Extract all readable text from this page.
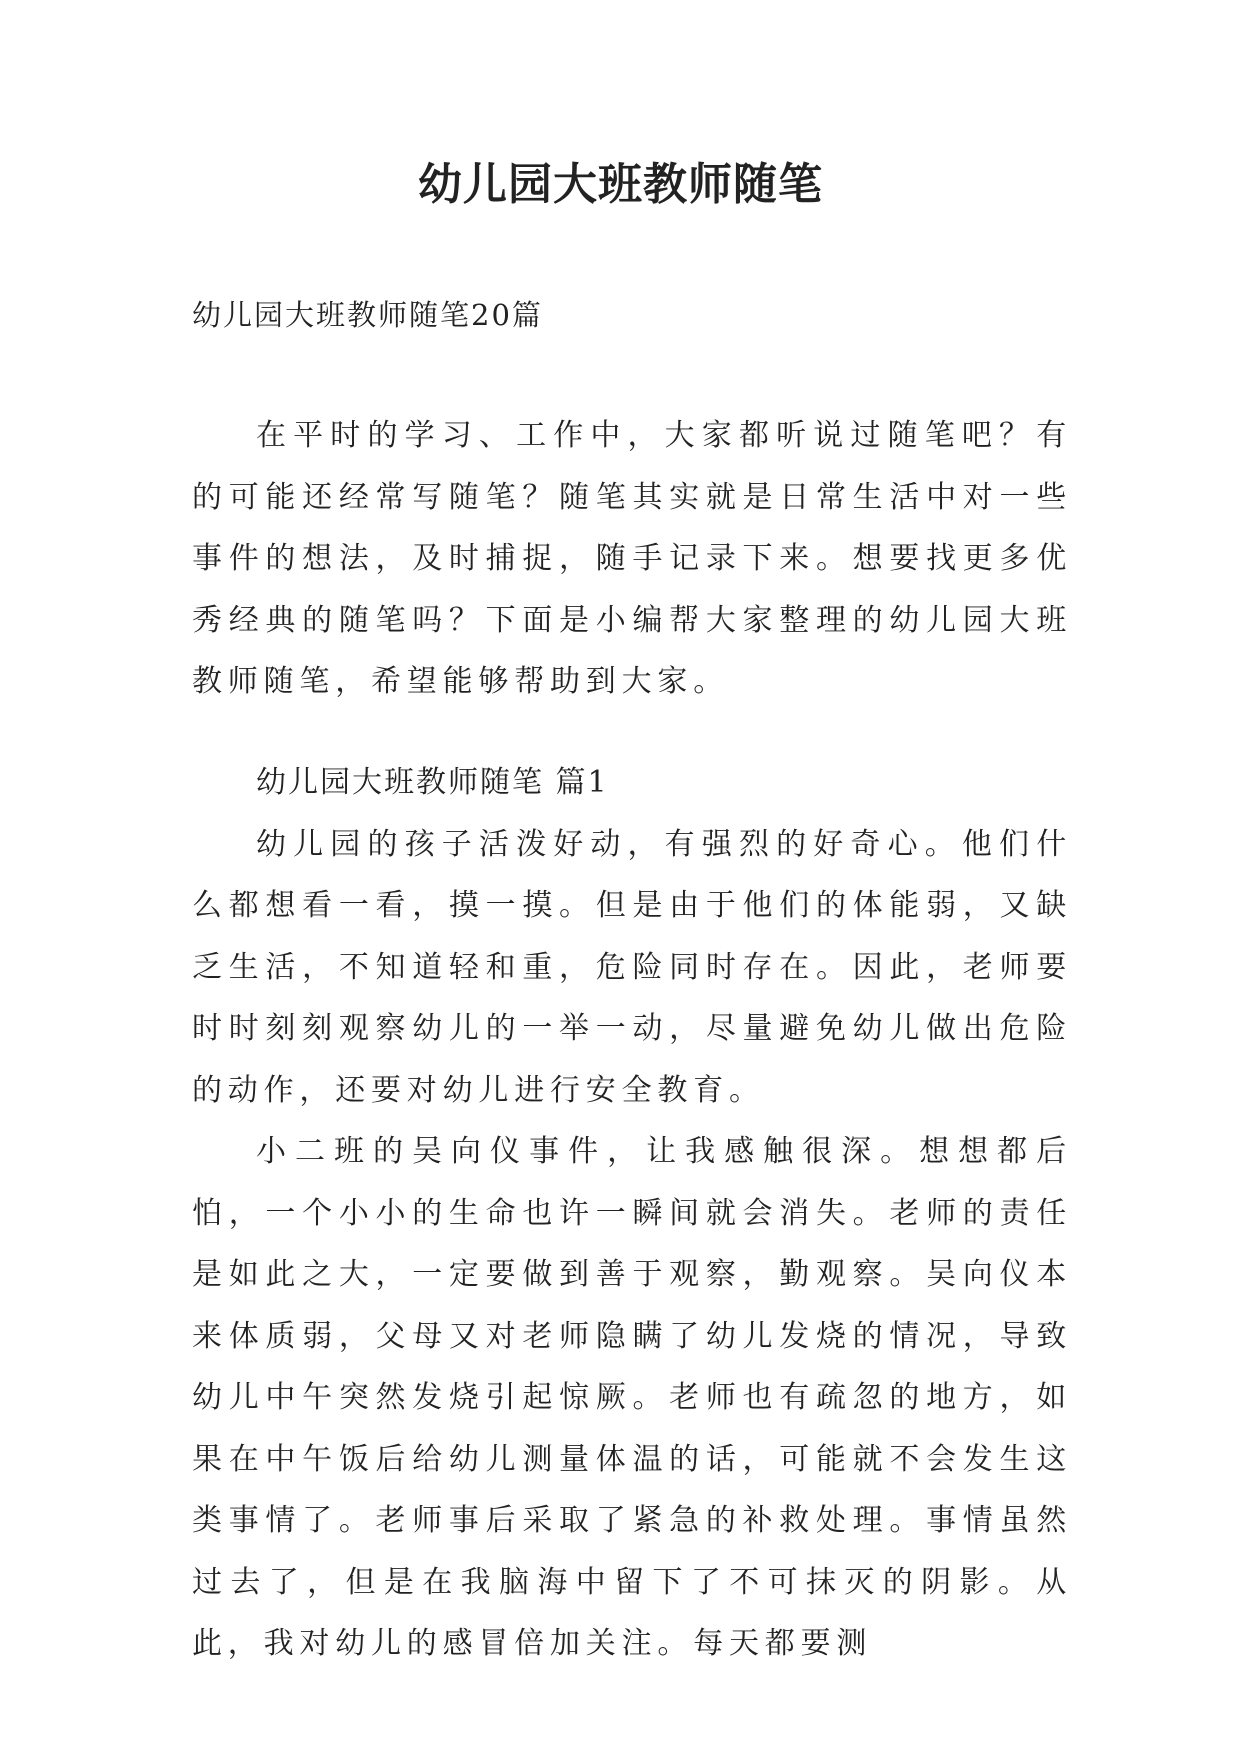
幼儿园大班教师随笔

幼儿园大班教师随笔20篇

在平时的学习、工作中，大家都听说过随笔吧？有的可能还经常写随笔？随笔其实就是日常生活中对一些事件的想法，及时捕捉，随手记录下来。想要找更多优秀经典的随笔吗？下面是小编帮大家整理的幼儿园大班教师随笔，希望能够帮助到大家。

幼儿园大班教师随笔 篇1

幼儿园的孩子活泼好动，有强烈的好奇心。他们什么都想看一看，摸一摸。但是由于他们的体能弱，又缺乏生活，不知道轻和重，危险同时存在。因此，老师要时时刻刻观察幼儿的一举一动，尽量避免幼儿做出危险的动作，还要对幼儿进行安全教育。

小二班的吴向仪事件，让我感触很深。想想都后怕，一个小小的生命也许一瞬间就会消失。老师的责任是如此之大，一定要做到善于观察，勤观察。吴向仪本来体质弱，父母又对老师隐瞒了幼儿发烧的情况，导致幼儿中午突然发烧引起惊厥。老师也有疏忽的地方，如果在中午饭后给幼儿测量体温的话，可能就不会发生这类事情了。老师事后采取了紧急的补救处理。事情虽然过去了，但是在我脑海中留下了不可抹灭的阴影。从此，我对幼儿的感冒倍加关注。每天都要测
